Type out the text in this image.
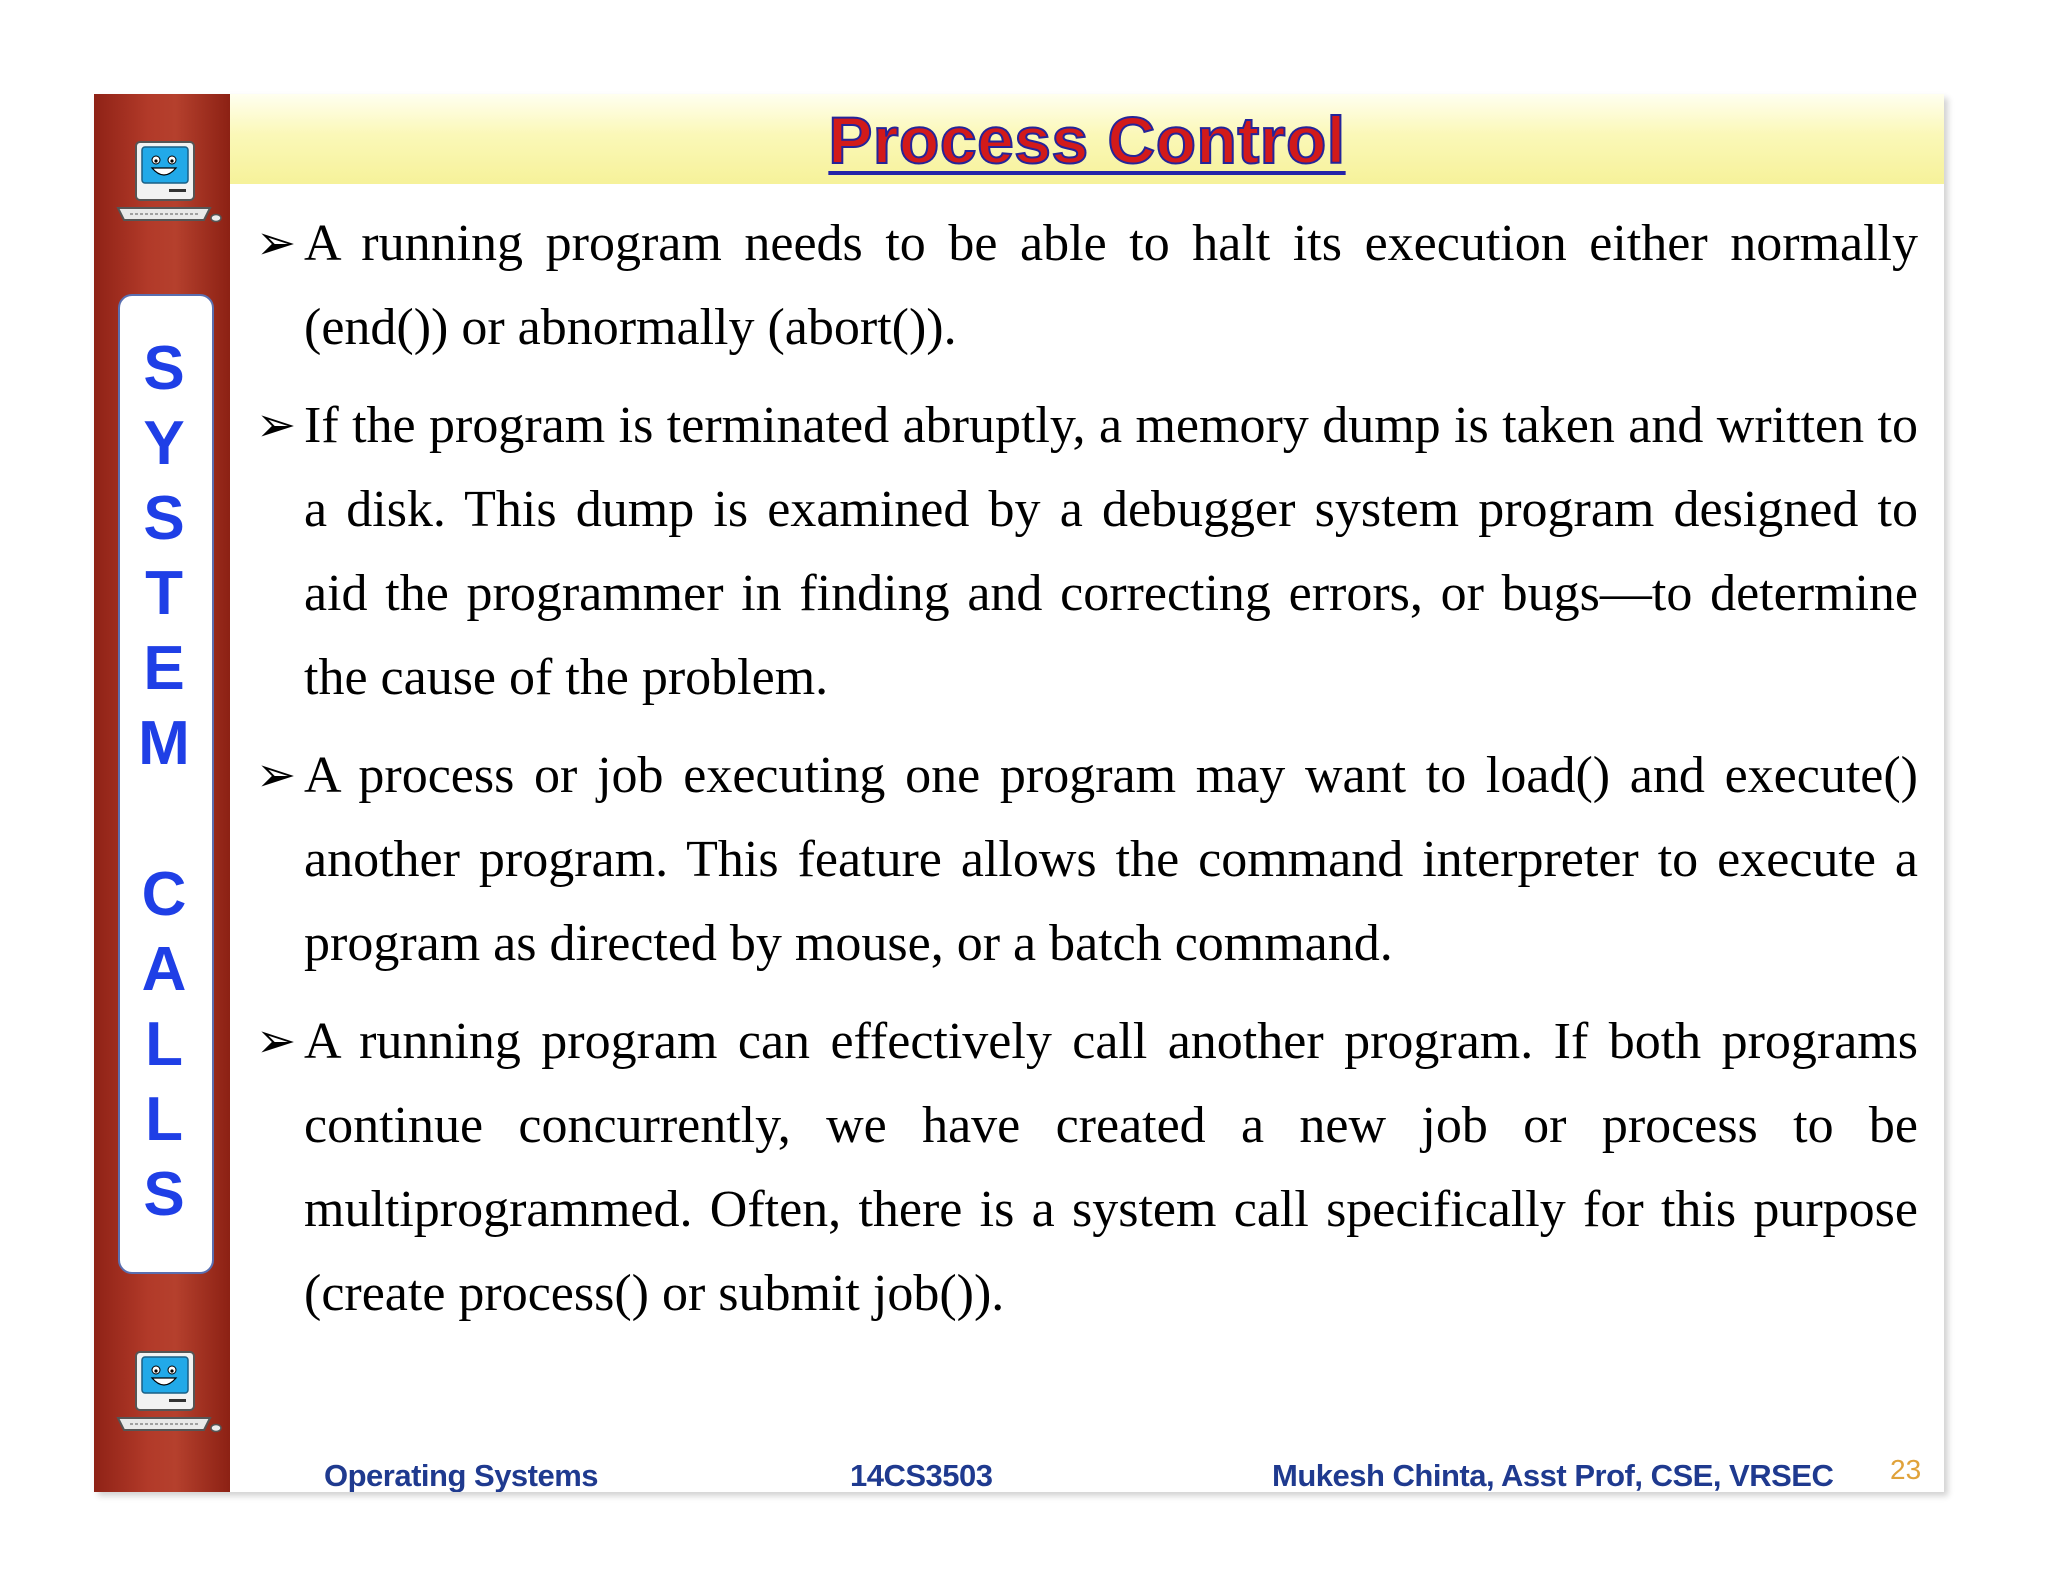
Process Control
S
Y
S
T
E
M
C
A
L
L
S
➢ A running program needs to be able to halt its execution either normally (end()) or abnormally (abort()).
➢ If the program is terminated abruptly, a memory dump is taken and written to a disk. This dump is examined by a debugger system program designed to aid the programmer in finding and correcting errors, or bugs—to determine the cause of the problem.
➢ A process or job executing one program may want to load() and execute() another program. This feature allows the command interpreter to execute a program as directed by mouse, or a batch command.
➢ A running program can effectively call another program. If both programs continue concurrently, we have created a new job or process to be multiprogrammed. Often, there is a system call specifically for this purpose (create process() or submit job()).
Operating Systems	14CS3503	Mukesh Chinta, Asst Prof, CSE, VRSEC 23
